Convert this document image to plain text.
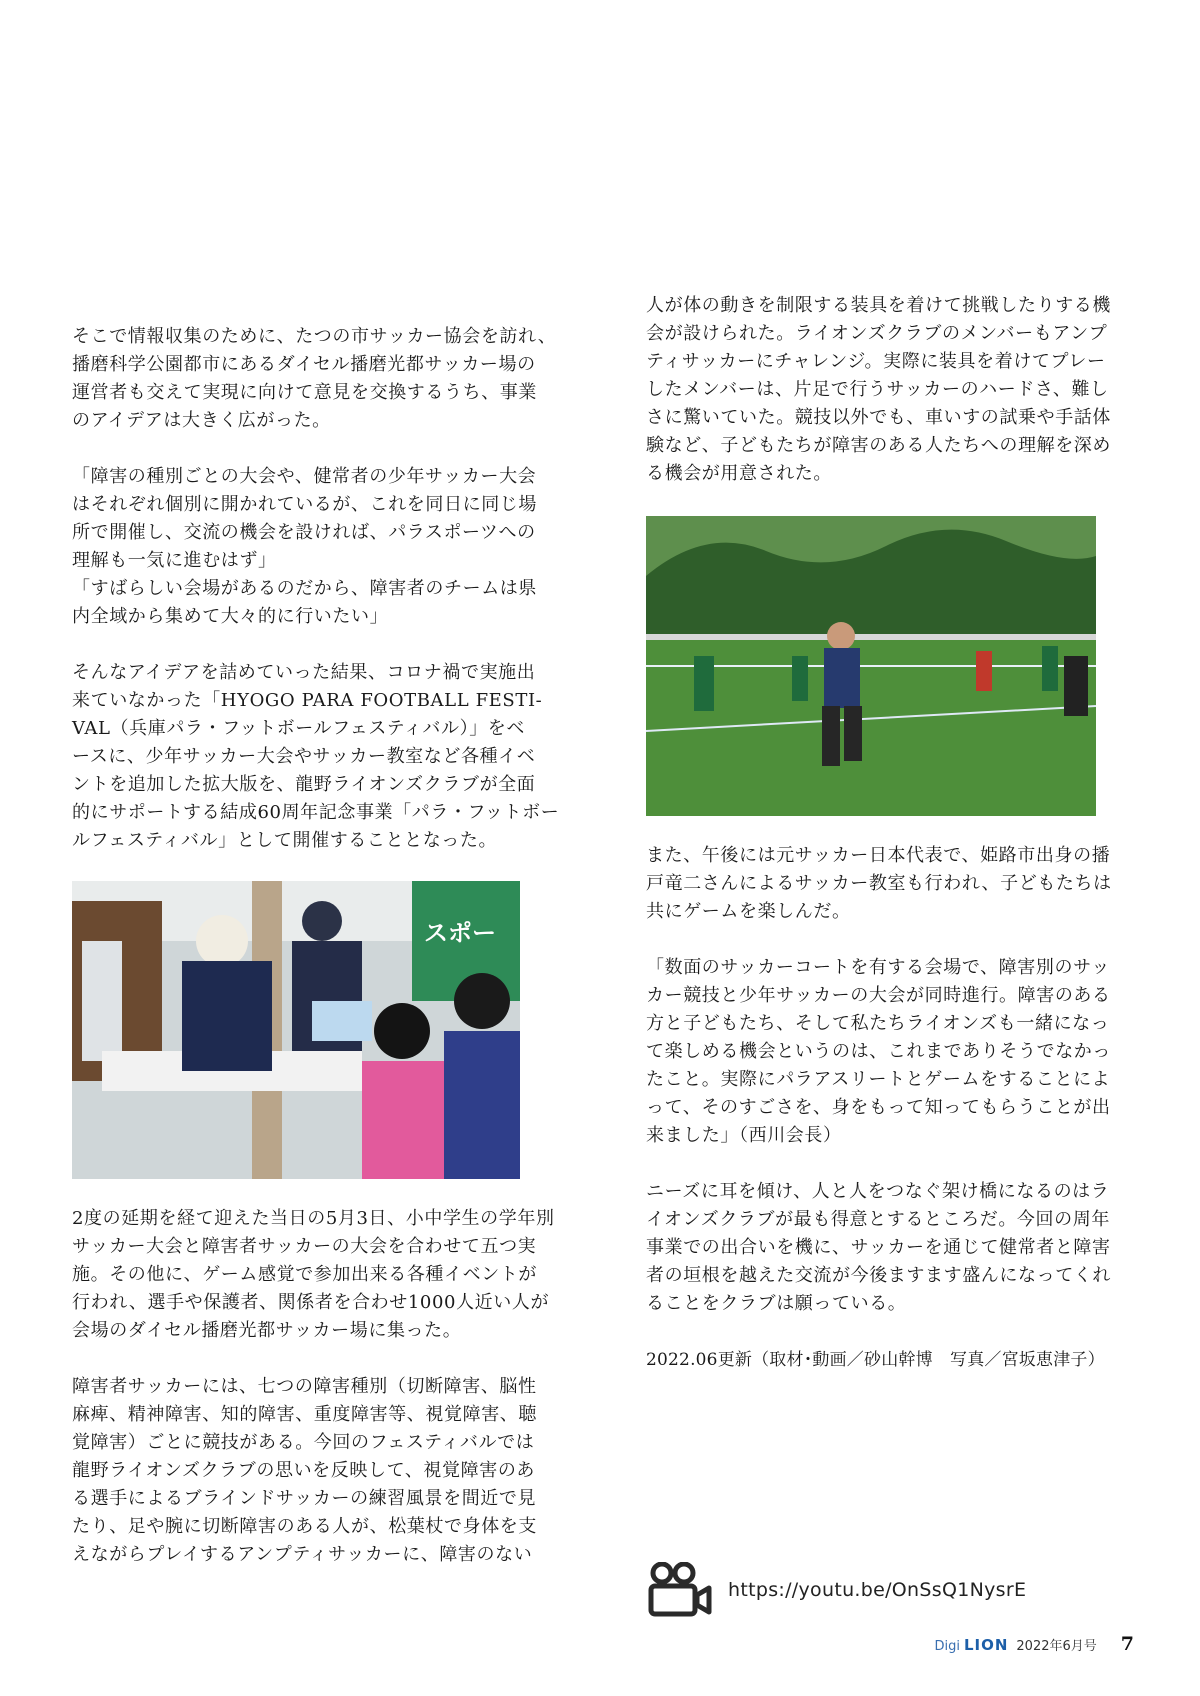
そこで情報収集のために、たつの市サッカー協会を訪れ、
播磨科学公園都市にあるダイセル播磨光都サッカー場の
運営者も交えて実現に向けて意見を交換するうち、事業
のアイデアは大きく広がった。

「障害の種別ごとの大会や、健常者の少年サッカー大会
はそれぞれ個別に開かれているが、これを同日に同じ場
所で開催し、交流の機会を設ければ、パラスポーツへの
理解も一気に進むはず」
「すばらしい会場があるのだから、障害者のチームは県
内全域から集めて大々的に行いたい」

そんなアイデアを詰めていった結果、コロナ禍で実施出
来ていなかった「HYOGO PARA FOOTBALL FESTI-
VAL（兵庫パラ・フットボールフェスティバル）」をベ
ースに、少年サッカー大会やサッカー教室など各種イベ
ントを追加した拡大版を、龍野ライオンズクラブが全面
的にサポートする結成60周年記念事業「パラ・フットボー
ルフェスティバル」として開催することとなった。

スポー

2度の延期を経て迎えた当日の5月3日、小中学生の学年別
サッカー大会と障害者サッカーの大会を合わせて五つ実
施。その他に、ゲーム感覚で参加出来る各種イベントが
行われ、選手や保護者、関係者を合わせ1000人近い人が
会場のダイセル播磨光都サッカー場に集った。

障害者サッカーには、七つの障害種別（切断障害、脳性
麻痺、精神障害、知的障害、重度障害等、視覚障害、聴
覚障害）ごとに競技がある。今回のフェスティバルでは
龍野ライオンズクラブの思いを反映して、視覚障害のあ
る選手によるブラインドサッカーの練習風景を間近で見
たり、足や腕に切断障害のある人が、松葉杖で身体を支
えながらプレイするアンプティサッカーに、障害のない

人が体の動きを制限する装具を着けて挑戦したりする機
会が設けられた。ライオンズクラブのメンバーもアンプ
ティサッカーにチャレンジ。実際に装具を着けてプレー
したメンバーは、片足で行うサッカーのハードさ、難し
さに驚いていた。競技以外でも、車いすの試乗や手話体
験など、子どもたちが障害のある人たちへの理解を深め
る機会が用意された。

また、午後には元サッカー日本代表で、姫路市出身の播
戸竜二さんによるサッカー教室も行われ、子どもたちは
共にゲームを楽しんだ。

「数面のサッカーコートを有する会場で、障害別のサッ
カー競技と少年サッカーの大会が同時進行。障害のある
方と子どもたち、そして私たちライオンズも一緒になっ
て楽しめる機会というのは、これまでありそうでなかっ
たこと。実際にパラアスリートとゲームをすることによ
って、そのすごさを、身をもって知ってもらうことが出
来ました」（西川会長）

ニーズに耳を傾け、人と人をつなぐ架け橋になるのはラ
イオンズクラブが最も得意とするところだ。今回の周年
事業での出合いを機に、サッカーを通じて健常者と障害
者の垣根を越えた交流が今後ますます盛んになってくれ
ることをクラブは願っている。

2022.06更新（取材･動画／砂山幹博　写真／宮坂恵津子）

https://youtu.be/OnSsQ1NysrE
Digi LION 2022年6月号 7
